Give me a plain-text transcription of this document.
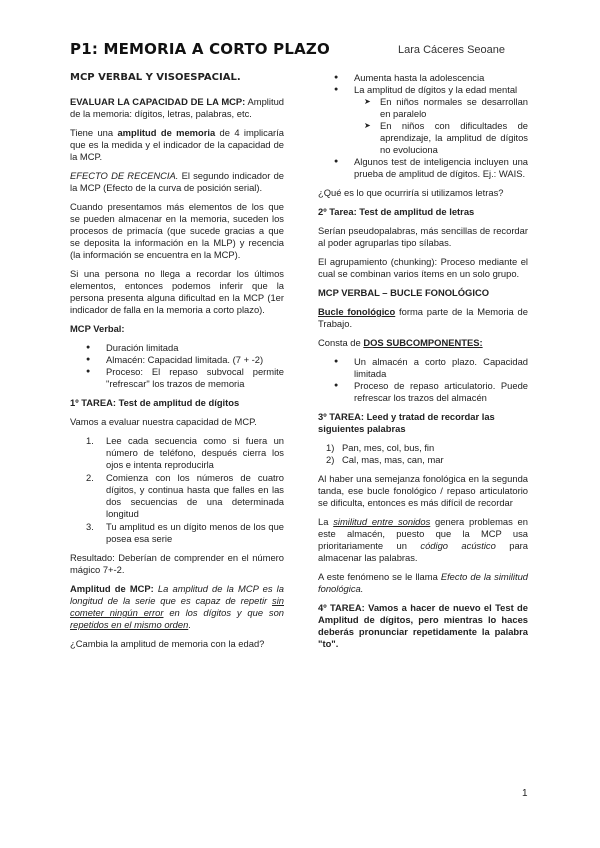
P1: MEMORIA A CORTO PLAZO	Lara Cáceres Seoane

MCP VERBAL Y VISOESPACIAL.

EVALUAR LA CAPACIDAD DE LA MCP: Amplitud de la memoria: dígitos, letras, palabras, etc.

Tiene una amplitud de memoria de 4 implicaría que es la medida y el indicador de la capacidad de la MCP.

EFECTO DE RECENCIA. El segundo indicador de la MCP (Efecto de la curva de posición serial).

Cuando presentamos más elementos de los que se pueden almacenar en la memoria, suceden los procesos de primacía (que sucede gracias a que se deposita la información en la MLP) y recencia (la información se encuentra en la MCP).

Si una persona no llega a recordar los últimos elementos, entonces podemos inferir que la persona presenta alguna dificultad en la MCP (1er indicador de falla en la memoria a corto plazo).

MCP Verbal:

● Duración limitada
● Almacén: Capacidad limitada. (7 + -2)
● Proceso: El repaso subvocal permite "refrescar" los trazos de memoria

1º TAREA: Test de amplitud de dígitos

Vamos a evaluar nuestra capacidad de MCP.

1. Lee cada secuencia como si fuera un número de teléfono, después cierra los ojos e intenta reproducirla
2. Comienza con los números de cuatro dígitos, y continua hasta que falles en las dos secuencias de una determinada longitud
3. Tu amplitud es un dígito menos de los que posea esa serie

Resultado: Deberían de comprender en el número mágico 7+-2.

Amplitud de MCP: La amplitud de la MCP es la longitud de la serie que es capaz de repetir sin cometer ningún error en los dígitos y que son repetidos en el mismo orden.

¿Cambia la amplitud de memoria con la edad?

● Aumenta hasta la adolescencia
● La amplitud de dígitos y la edad mental
➤ En niños normales se desarrollan en paralelo
➤ En niños con dificultades de aprendizaje, la amplitud de dígitos no evoluciona
● Algunos test de inteligencia incluyen una prueba de amplitud de dígitos. Ej.: WAIS.

¿Qué es lo que ocurriría si utilizamos letras?

2º Tarea: Test de amplitud de letras

Serían pseudopalabras, más sencillas de recordar al poder agruparlas tipo sílabas.

El agrupamiento (chunking): Proceso mediante el cual se combinan varios ítems en un solo grupo.

MCP VERBAL – BUCLE FONOLÓGICO

Bucle fonológico forma parte de la Memoria de Trabajo.

Consta de DOS SUBCOMPONENTES:

● Un almacén a corto plazo. Capacidad limitada
● Proceso de repaso articulatorio. Puede refrescar los trazos del almacén

3º TAREA: Leed y tratad de recordar las siguientes palabras

1) Pan, mes, col, bus, fin
2) Cal, mas, mas, can, mar

Al haber una semejanza fonológica en la segunda tanda, ese bucle fonológico / repaso articulatorio se dificulta, entonces es más difícil de recordar

La similitud entre sonidos genera problemas en este almacén, puesto que la MCP usa prioritariamente un código acústico para almacenar las palabras.

A este fenómeno se le llama Efecto de la similitud fonológica.

4º TAREA: Vamos a hacer de nuevo el Test de Amplitud de dígitos, pero mientras lo haces deberás pronunciar repetidamente la palabra "to".

1
